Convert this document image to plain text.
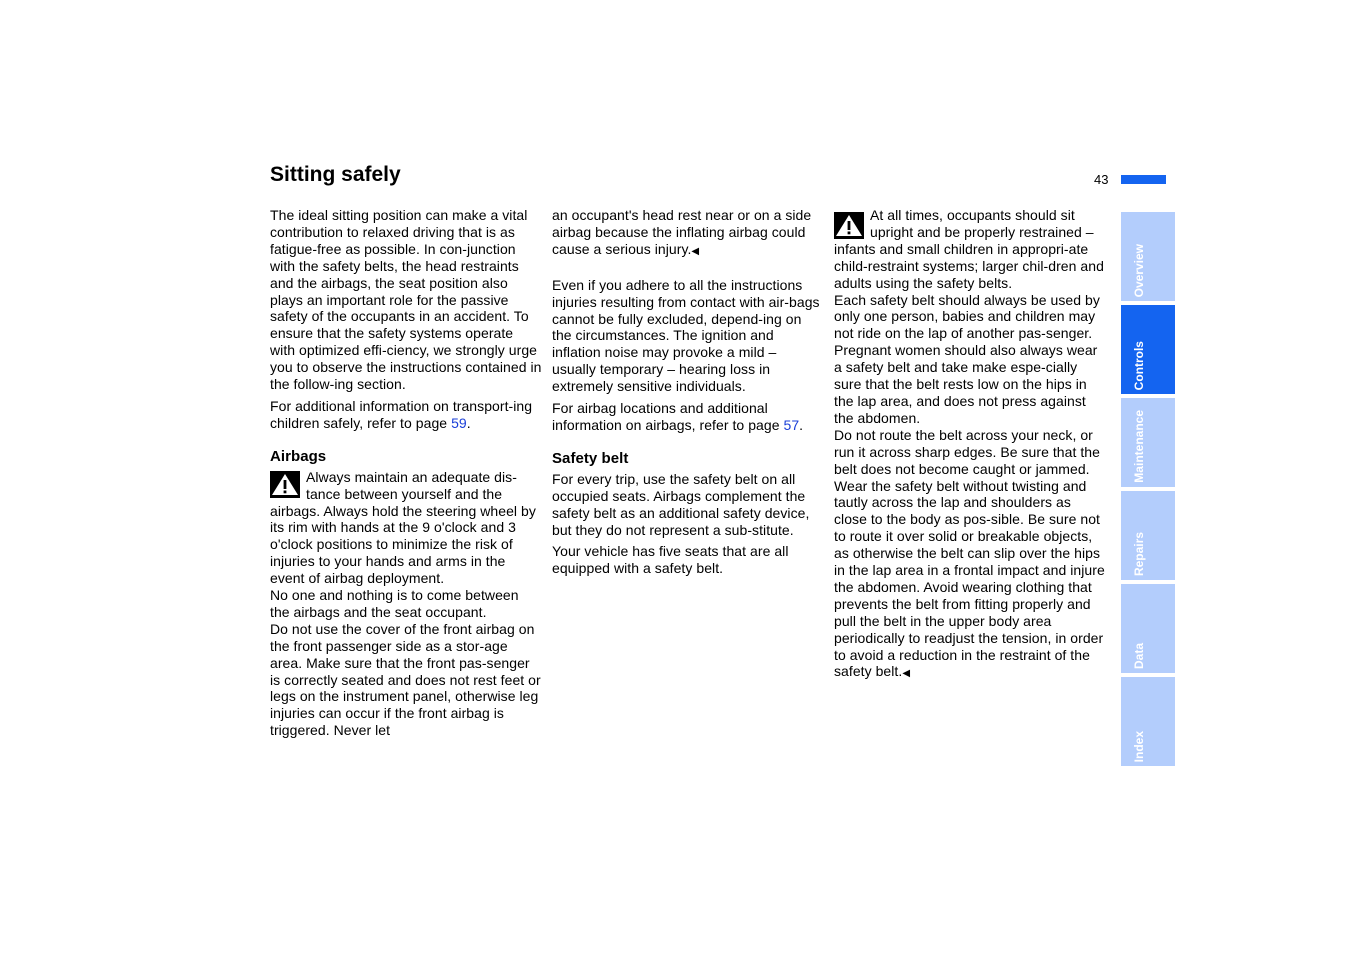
Sitting safely	43

The ideal sitting position can make a vital contribution to relaxed driving that is as fatigue-free as possible. In con-junction with the safety belts, the head restraints and the airbags, the seat position also plays an important role for the passive safety of the occupants in an accident. To ensure that the safety systems operate with optimized effi-ciency, we strongly urge you to observe the instructions contained in the follow-ing section.

For additional information on transport-ing children safely, refer to page 59.

Airbags

Always maintain an adequate dis-tance between yourself and the airbags. Always hold the steering wheel by its rim with hands at the 9 o'clock and 3 o'clock positions to minimize the risk of injuries to your hands and arms in the event of airbag deployment.

No one and nothing is to come between the airbags and the seat occupant.

Do not use the cover of the front airbag on the front passenger side as a stor-age area. Make sure that the front pas-senger is correctly seated and does not rest feet or legs on the instrument panel, otherwise leg injuries can occur if the front airbag is triggered. Never let

an occupant's head rest near or on a side airbag because the inflating airbag could cause a serious injury.◀

Even if you adhere to all the instructions injuries resulting from contact with air-bags cannot be fully excluded, depend-ing on the circumstances. The ignition and inflation noise may provoke a mild – usually temporary – hearing loss in extremely sensitive individuals.

For airbag locations and additional information on airbags, refer to page 57.

Safety belt

For every trip, use the safety belt on all occupied seats. Airbags complement the safety belt as an additional safety device, but they do not represent a sub-stitute.

Your vehicle has five seats that are all equipped with a safety belt.

At all times, occupants should sit upright and be properly restrained – infants and small children in appropri-ate child-restraint systems; larger chil-dren and adults using the safety belts.

Each safety belt should always be used by only one person, babies and children may not ride on the lap of another pas-senger.

Pregnant women should also always wear a safety belt and take make espe-cially sure that the belt rests low on the hips in the lap area, and does not press against the abdomen.

Do not route the belt across your neck, or run it across sharp edges. Be sure that the belt does not become caught or jammed. Wear the safety belt without twisting and tautly across the lap and shoulders as close to the body as pos-sible. Be sure not to route it over solid or breakable objects, as otherwise the belt can slip over the hips in the lap area in a frontal impact and injure the abdomen. Avoid wearing clothing that prevents the belt from fitting properly and pull the belt in the upper body area periodically to readjust the tension, in order to avoid a reduction in the restraint of the safety belt.◀

Overview
Controls
Maintenance
Repairs
Data
Index
